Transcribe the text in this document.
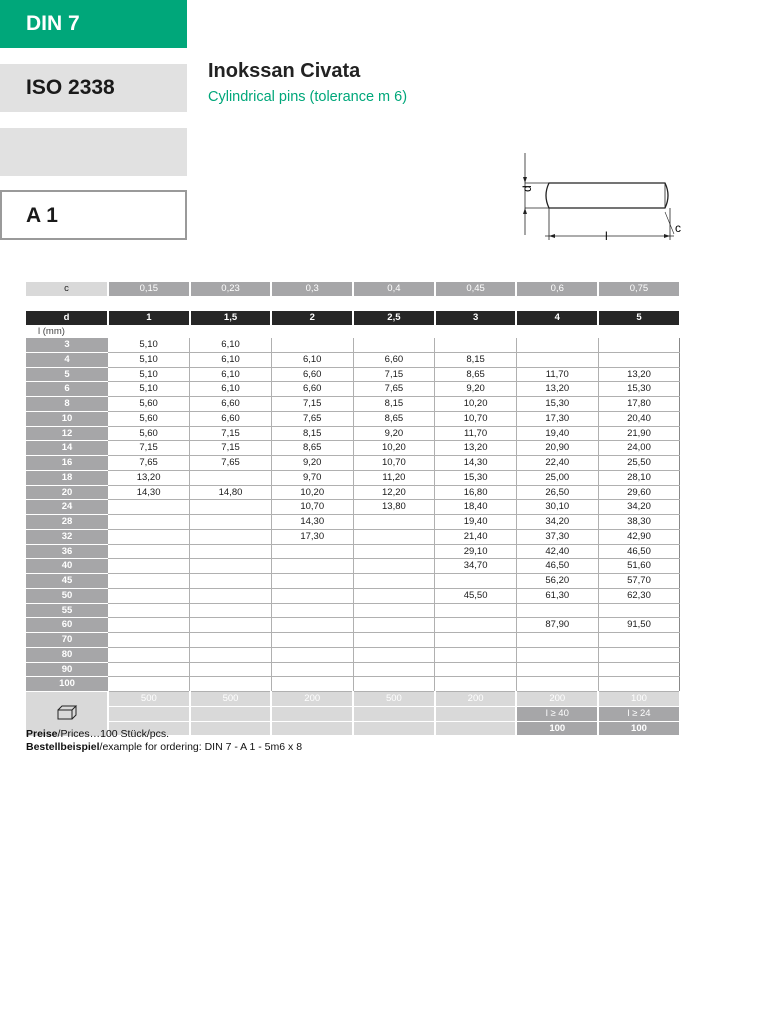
DIN 7
ISO 2338
A 1
Inokssan Civata
Cylindrical pins (tolerance m 6)
d
l
c
c	0,15	0,23	0,3	0,4	0,45	0,6	0,75
d	1	1,5	2	2,5	3	4	5
l (mm)							
3	5,10	6,10					
4	5,10	6,10	6,10	6,60	8,15		
5	5,10	6,10	6,60	7,15	8,65	11,70	13,20
6	5,10	6,10	6,60	7,65	9,20	13,20	15,30
8	5,60	6,60	7,15	8,15	10,20	15,30	17,80
10	5,60	6,60	7,65	8,65	10,70	17,30	20,40
12	5,60	7,15	8,15	9,20	11,70	19,40	21,90
14	7,15	7,15	8,65	10,20	13,20	20,90	24,00
16	7,65	7,65	9,20	10,70	14,30	22,40	25,50
18	13,20		9,70	11,20	15,30	25,00	28,10
20	14,30	14,80	10,20	12,20	16,80	26,50	29,60
24			10,70	13,80	18,40	30,10	34,20
28			14,30		19,40	34,20	38,30
32			17,30		21,40	37,30	42,90
36					29,10	42,40	46,50
40					34,70	46,50	51,60
45						56,20	57,70
50					45,50	61,30	62,30
55							
60						87,90	91,50
70							
80							
90							
100							
	500	500	200	500	200	200	100
						l ≥ 40	l ≥ 24
						100	100
Preise/Prices…100 Stück/pcs.
Bestellbeispiel/example for ordering: DIN 7 - A 1 - 5m6 x 8
